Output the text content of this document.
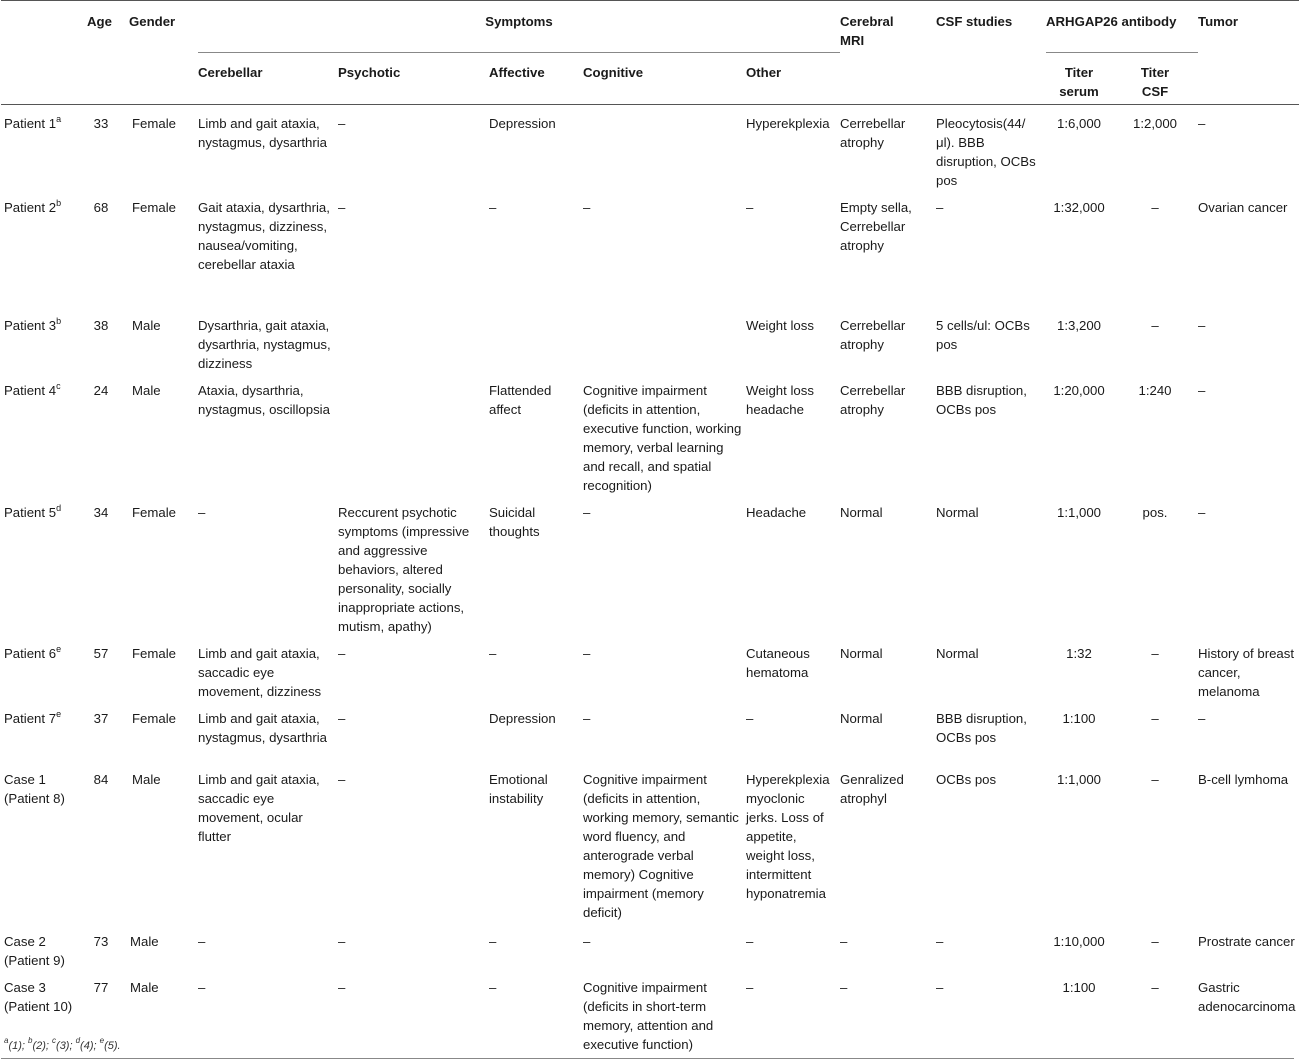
	Age	Gender	Symptoms					Cerebral MRI	CSF studies	ARHGAP26 antibody		Tumor
			Cerebellar	Psychotic	Affective	Cognitive	Other			Titer serum	Titer CSF	
Patient 1$^a$	33	Female	Limb and gait ataxia, nystagmus, dysarthria	–	Depression		Hyperekplexia	Cerrebellar atrophy	Pleocytosis(44/μl). BBB disruption, OCBs pos	1:6,000	1:2,000	–
Patient 2$^b$	68	Female	Gait ataxia, dysarthria, nystagmus, dizziness, nausea/vomiting, cerebellar ataxia	–	–	–	–	Empty sella, Cerrebellar atrophy	–	1:32,000	–	Ovarian cancer
Patient 3$^b$	38	Male	Dysarthria, gait ataxia, dysarthria, nystagmus, dizziness				Weight loss	Cerrebellar atrophy	5 cells/ul: OCBs pos	1:3,200	–	–
Patient 4$^c$	24	Male	Ataxia, dysarthria, nystagmus, oscillopsia		Flattended affect	Cognitive impairment (deficits in attention, executive function, working memory, verbal learning and recall, and spatial recognition)	Weight loss headache	Cerrebellar atrophy	BBB disruption, OCBs pos	1:20,000	1:240	–
Patient 5$^d$	34	Female	–	Reccurent psychotic symptoms (impressive and aggressive behaviors, altered personality, socially inappropriate actions, mutism, apathy)	Suicidal thoughts	–	Headache	Normal	Normal	1:1,000	pos.	–
Patient 6e	57	Female	Limb and gait ataxia, saccadic eye movement, dizziness	–	–	–	Cutaneous hematoma	Normal	Normal	1:32	–	History of breast cancer, melanoma
Patient 7e	37	Female	Limb and gait ataxia, nystagmus, dysarthria	–	Depression	–	–	Normal	BBB disruption, OCBs pos	1:100	–	–
Case 1 (Patient 8)	84	Male	Limb and gait ataxia, saccadic eye movement, ocular flutter	–	Emotional instability	Cognitive impairment (deficits in attention, working memory, semantic word fluency, and anterograde verbal memory) Cognitive impairment (memory deficit)	Hyperekplexia myoclonic jerks. Loss of appetite, weight loss, intermittent hyponatremia	Genralized atrophyl	OCBs pos	1:1,000	–	B-cell lymhoma
Case 2 (Patient 9)	73	Male	–	–	–	–	–	–	–	1:10,000	–	Prostrate cancer
Case 3 (Patient 10)	77	Male	–	–	–	Cognitive impairment (deficits in short-term memory, attention and executive function)	–	–	–	1:100	–	Gastric adenocarcinoma
$^a$(1); $^b$(2); $^c$(3); $^d$(4); $^e$(5).
